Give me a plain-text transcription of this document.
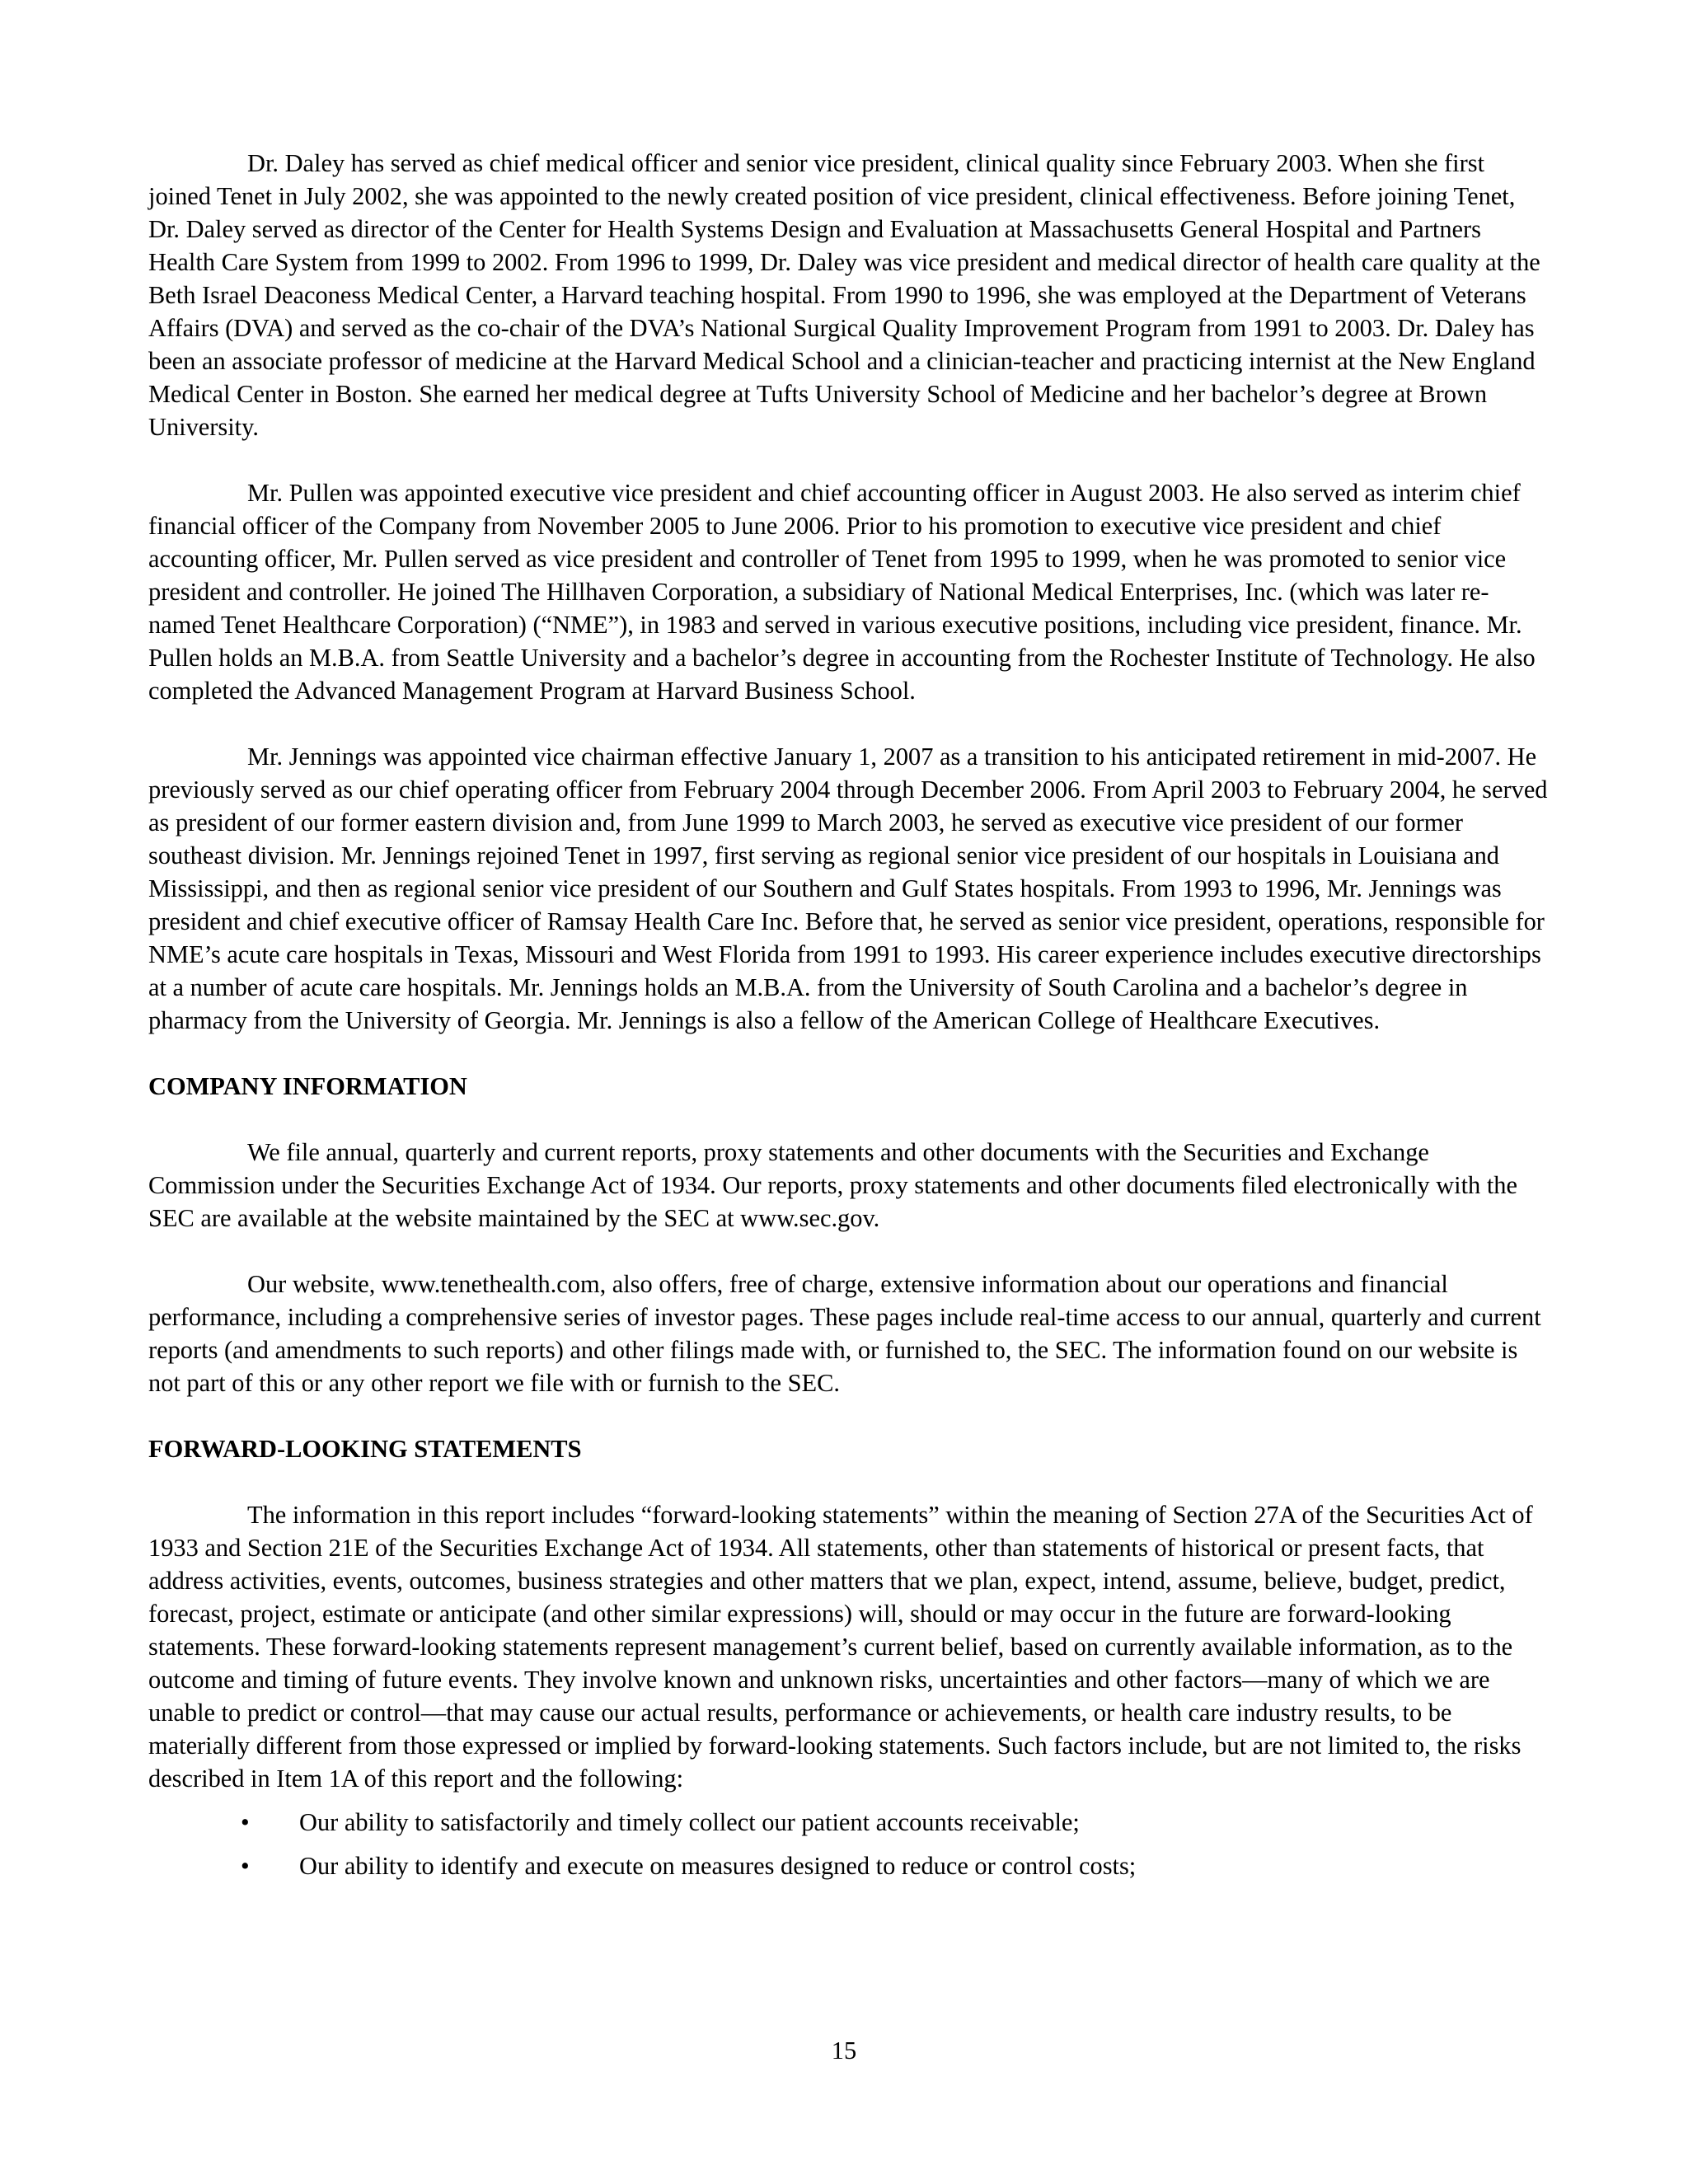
Dr. Daley has served as chief medical officer and senior vice president, clinical quality since February 2003. When she first joined Tenet in July 2002, she was appointed to the newly created position of vice president, clinical effectiveness. Before joining Tenet, Dr. Daley served as director of the Center for Health Systems Design and Evaluation at Massachusetts General Hospital and Partners Health Care System from 1999 to 2002. From 1996 to 1999, Dr. Daley was vice president and medical director of health care quality at the Beth Israel Deaconess Medical Center, a Harvard teaching hospital. From 1990 to 1996, she was employed at the Department of Veterans Affairs (DVA) and served as the co-chair of the DVA’s National Surgical Quality Improvement Program from 1991 to 2003. Dr. Daley has been an associate professor of medicine at the Harvard Medical School and a clinician-teacher and practicing internist at the New England Medical Center in Boston. She earned her medical degree at Tufts University School of Medicine and her bachelor’s degree at Brown University.

Mr. Pullen was appointed executive vice president and chief accounting officer in August 2003. He also served as interim chief financial officer of the Company from November 2005 to June 2006. Prior to his promotion to executive vice president and chief accounting officer, Mr. Pullen served as vice president and controller of Tenet from 1995 to 1999, when he was promoted to senior vice president and controller. He joined The Hillhaven Corporation, a subsidiary of National Medical Enterprises, Inc. (which was later re-named Tenet Healthcare Corporation) (“NME”), in 1983 and served in various executive positions, including vice president, finance. Mr. Pullen holds an M.B.A. from Seattle University and a bachelor’s degree in accounting from the Rochester Institute of Technology. He also completed the Advanced Management Program at Harvard Business School.

Mr. Jennings was appointed vice chairman effective January 1, 2007 as a transition to his anticipated retirement in mid-2007. He previously served as our chief operating officer from February 2004 through December 2006. From April 2003 to February 2004, he served as president of our former eastern division and, from June 1999 to March 2003, he served as executive vice president of our former southeast division. Mr. Jennings rejoined Tenet in 1997, first serving as regional senior vice president of our hospitals in Louisiana and Mississippi, and then as regional senior vice president of our Southern and Gulf States hospitals. From 1993 to 1996, Mr. Jennings was president and chief executive officer of Ramsay Health Care Inc. Before that, he served as senior vice president, operations, responsible for NME’s acute care hospitals in Texas, Missouri and West Florida from 1991 to 1993. His career experience includes executive directorships at a number of acute care hospitals. Mr. Jennings holds an M.B.A. from the University of South Carolina and a bachelor’s degree in pharmacy from the University of Georgia. Mr. Jennings is also a fellow of the American College of Healthcare Executives.

COMPANY INFORMATION

We file annual, quarterly and current reports, proxy statements and other documents with the Securities and Exchange Commission under the Securities Exchange Act of 1934. Our reports, proxy statements and other documents filed electronically with the SEC are available at the website maintained by the SEC at www.sec.gov.

Our website, www.tenethealth.com, also offers, free of charge, extensive information about our operations and financial performance, including a comprehensive series of investor pages. These pages include real-time access to our annual, quarterly and current reports (and amendments to such reports) and other filings made with, or furnished to, the SEC. The information found on our website is not part of this or any other report we file with or furnish to the SEC.

FORWARD-LOOKING STATEMENTS

The information in this report includes “forward-looking statements” within the meaning of Section 27A of the Securities Act of 1933 and Section 21E of the Securities Exchange Act of 1934. All statements, other than statements of historical or present facts, that address activities, events, outcomes, business strategies and other matters that we plan, expect, intend, assume, believe, budget, predict, forecast, project, estimate or anticipate (and other similar expressions) will, should or may occur in the future are forward-looking statements. These forward-looking statements represent management’s current belief, based on currently available information, as to the outcome and timing of future events. They involve known and unknown risks, uncertainties and other factors—many of which we are unable to predict or control—that may cause our actual results, performance or achievements, or health care industry results, to be materially different from those expressed or implied by forward-looking statements. Such factors include, but are not limited to, the risks described in Item 1A of this report and the following:

• Our ability to satisfactorily and timely collect our patient accounts receivable;
• Our ability to identify and execute on measures designed to reduce or control costs;
15
